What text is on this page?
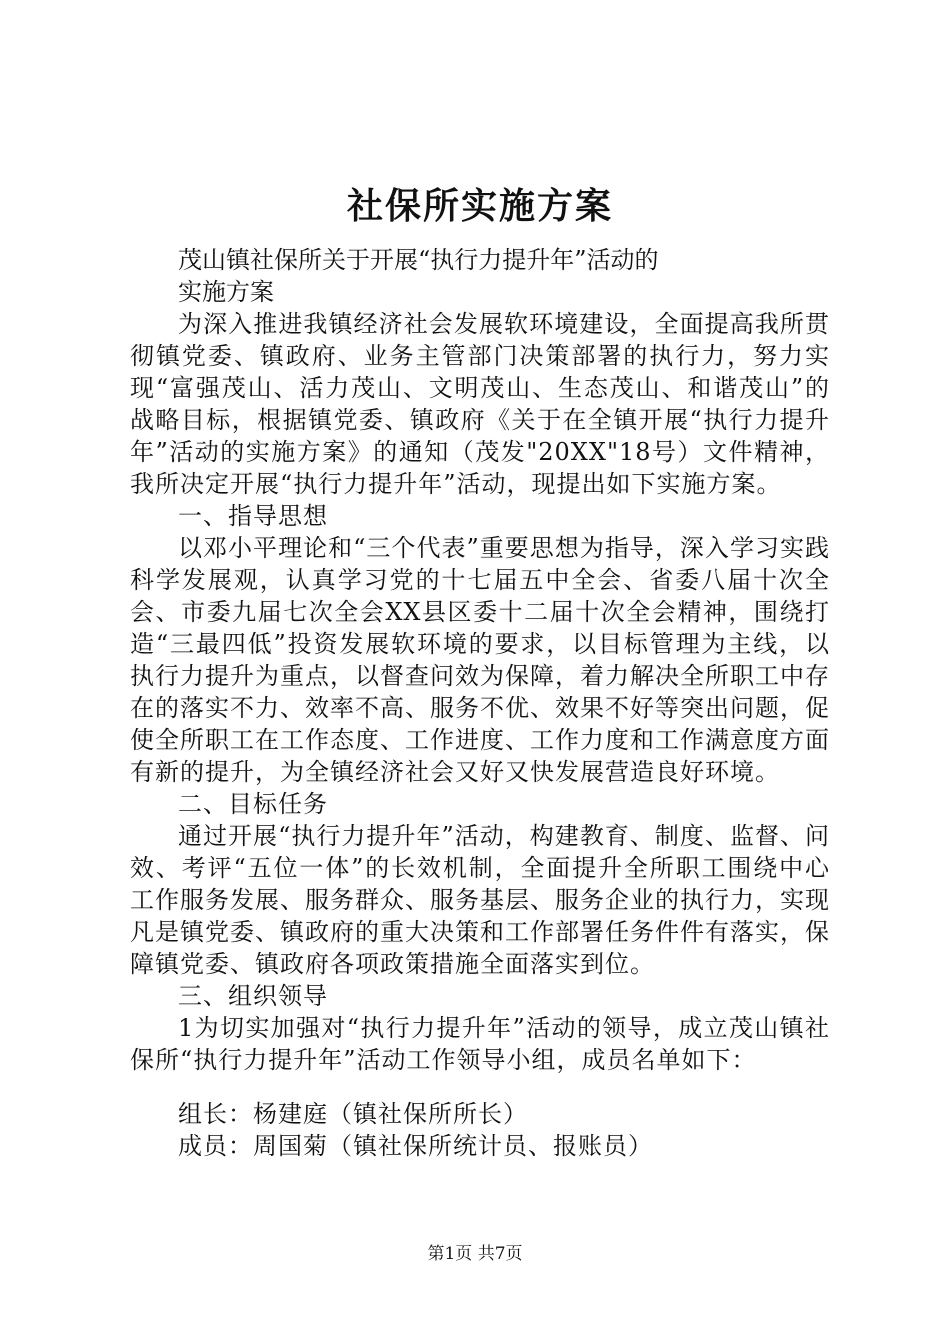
社保所实施方案

茂山镇社保所关于开展“执行力提升年”活动的

实施方案

为深入推进我镇经济社会发展软环境建设，全面提高我所贯彻镇党委、镇政府、业务主管部门决策部署的执行力，努力实现“富强茂山、活力茂山、文明茂山、生态茂山、和谐茂山”的战略目标，根据镇党委、镇政府《关于在全镇开展“执行力提升年”活动的实施方案》的通知（茂发"20XX"18号）文件精神，我所决定开展“执行力提升年”活动，现提出如下实施方案。

一、指导思想

以邓小平理论和“三个代表”重要思想为指导，深入学习实践科学发展观，认真学习党的十七届五中全会、省委八届十次全会、市委九届七次全会XX县区委十二届十次全会精神，围绕打造“三最四低”投资发展软环境的要求，以目标管理为主线，以执行力提升为重点，以督查问效为保障，着力解决全所职工中存在的落实不力、效率不高、服务不优、效果不好等突出问题，促使全所职工在工作态度、工作进度、工作力度和工作满意度方面有新的提升，为全镇经济社会又好又快发展营造良好环境。

二、目标任务

通过开展“执行力提升年”活动，构建教育、制度、监督、问效、考评“五位一体”的长效机制，全面提升全所职工围绕中心工作服务发展、服务群众、服务基层、服务企业的执行力，实现凡是镇党委、镇政府的重大决策和工作部署任务件件有落实，保障镇党委、镇政府各项政策措施全面落实到位。

三、组织领导

1为切实加强对“执行力提升年”活动的领导，成立茂山镇社保所“执行力提升年”活动工作领导小组，成员名单如下：

组长：杨建庭（镇社保所所长）

成员：周国菊（镇社保所统计员、报账员）

第1页 共7页
